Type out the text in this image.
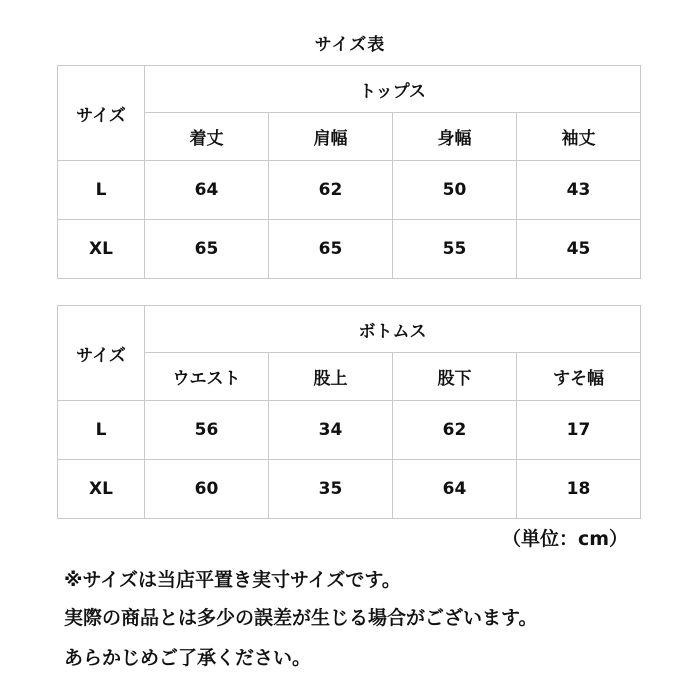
サイズ表
サイズ	トップス			
	着丈	肩幅	身幅	袖丈
L	64	62	50	43
XL	65	65	55	45
サイズ	ボトムス			
	ウエスト	股上	股下	すそ幅
L	56	34	62	17
XL	60	35	64	18
（単位：cm）
※サイズは当店平置き実寸サイズです。
実際の商品とは多少の誤差が生じる場合がございます。
あらかじめご了承ください。
